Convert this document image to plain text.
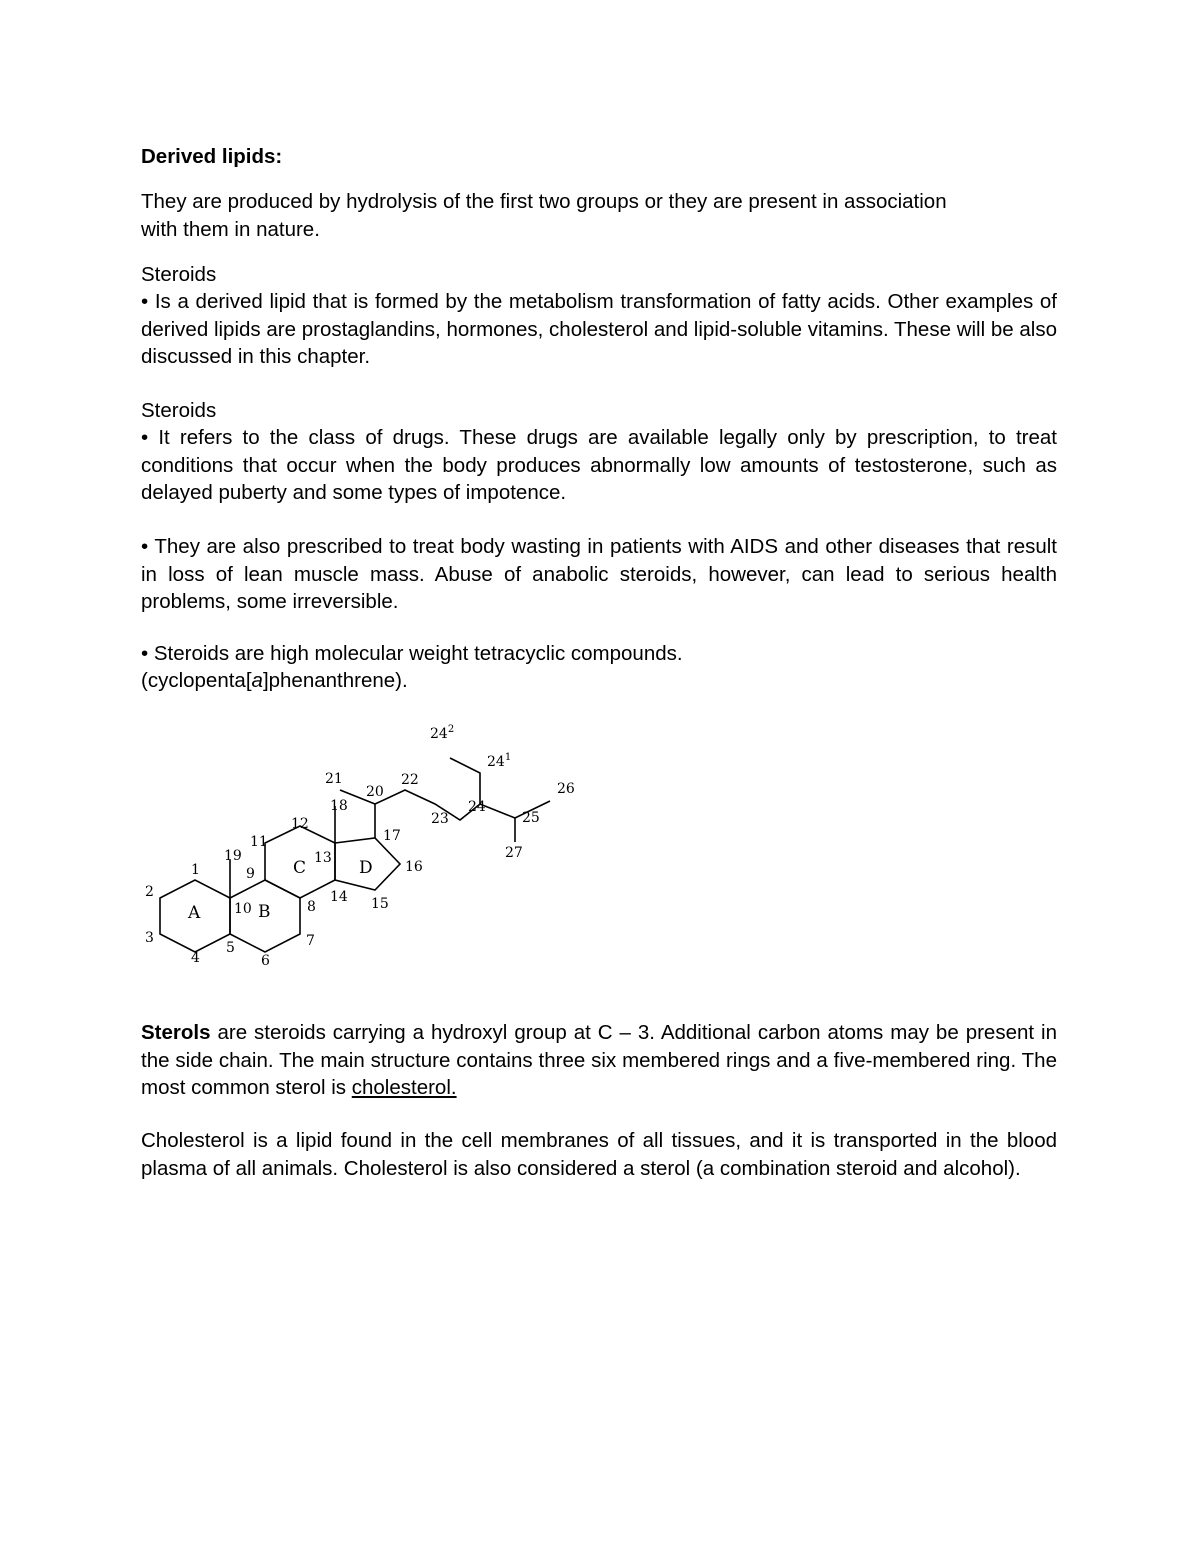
Derived lipids:

They are produced by hydrolysis of the first two groups or they are present in association with them in nature.

Steroids

• Is a derived lipid that is formed by the metabolism transformation of fatty acids. Other examples of derived lipids are prostaglandins, hormones, cholesterol and lipid-soluble vitamins. These will be also discussed in this chapter.

Steroids

• It refers to the class of drugs. These drugs are available legally only by prescription, to treat conditions that occur when the body produces abnormally low amounts of testosterone, such as delayed puberty and some types of impotence.

• They are also prescribed to treat body wasting in patients with AIDS and other diseases that result in loss of lean muscle mass. Abuse of anabolic steroids, however, can lead to serious health problems, some irreversible.

• Steroids are high molecular weight tetracyclic compounds.

(cyclopenta[a]phenanthrene).

A	B
C	D
1
2
3
4
5
6
7
8
9
10
11
12
13
14 15
16
17
18
19
20
21	22
23
24
25
26
27
$24^1$
$24^2$

Sterols are steroids carrying a hydroxyl group at C – 3. Additional carbon atoms may be present in the side chain. The main structure contains three six membered rings and a five-membered ring. The most common sterol is cholesterol.

Cholesterol is a lipid found in the cell membranes of all tissues, and it is transported in the blood plasma of all animals. Cholesterol is also considered a sterol (a combination steroid and alcohol).
